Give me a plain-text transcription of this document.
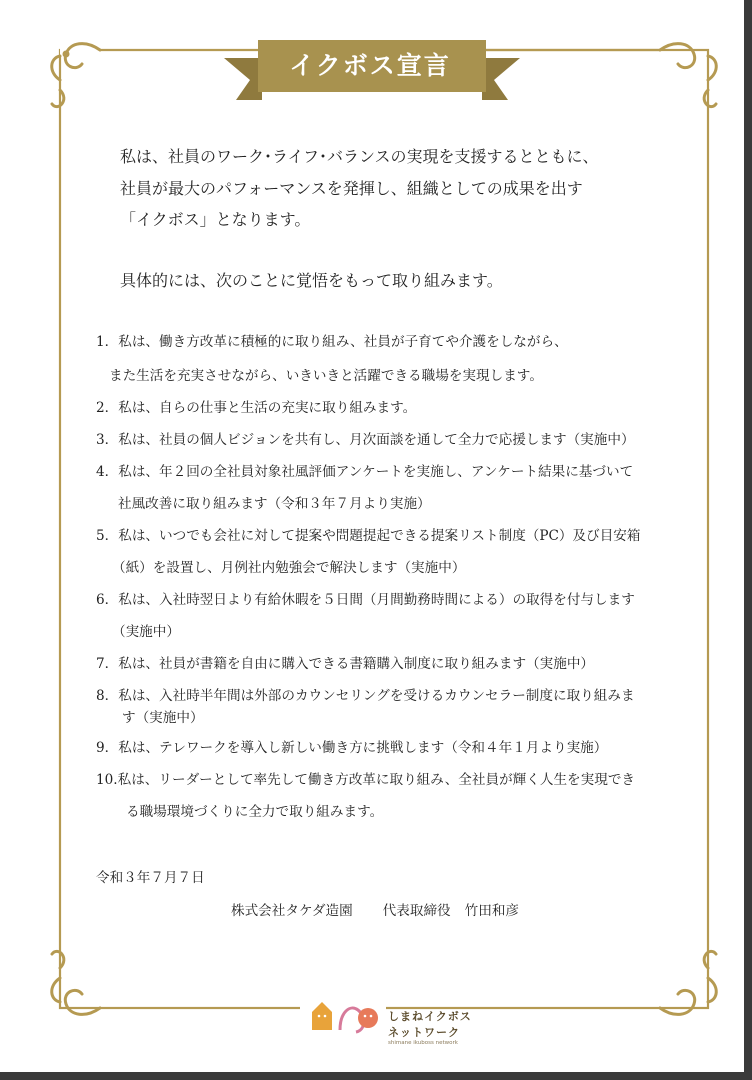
イクボス宣言
私は、社員のワーク･ライフ･バランスの実現を支援するとともに、
社員が最大のパフォーマンスを発揮し、組織としての成果を出す
「イクボス」となります。
具体的には、次のことに覚悟をもって取り組みます。
1．私は、働き方改革に積極的に取り組み、社員が子育てや介護をしながら、
また生活を充実させながら、いきいきと活躍できる職場を実現します。
2．私は、自らの仕事と生活の充実に取り組みます。
3．私は、社員の個人ビジョンを共有し、月次面談を通して全力で応援します（実施中）
4．私は、年２回の全社員対象社風評価アンケートを実施し、アンケート結果に基づいて
社風改善に取り組みます（令和３年７月より実施）
5．私は、いつでも会社に対して提案や問題提起できる提案リスト制度（PC）及び目安箱
（紙）を設置し、月例社内勉強会で解決します（実施中）
6．私は、入社時翌日より有給休暇を５日間（月間勤務時間による）の取得を付与します
（実施中）
7．私は、社員が書籍を自由に購入できる書籍購入制度に取り組みます（実施中）
8．私は、入社時半年間は外部のカウンセリングを受けるカウンセラー制度に取り組みま
す（実施中）
9．私は、テレワークを導入し新しい働き方に挑戦します（令和４年１月より実施）
10.私は、リーダーとして率先して働き方改革に取り組み、全社員が輝く人生を実現でき
る職場環境づくりに全力で取り組みます。
令和３年７月７日
株式会社タケダ造園 代表取締役 竹田和彦
しまねイクボス
ネットワーク
shimane ikuboss network
